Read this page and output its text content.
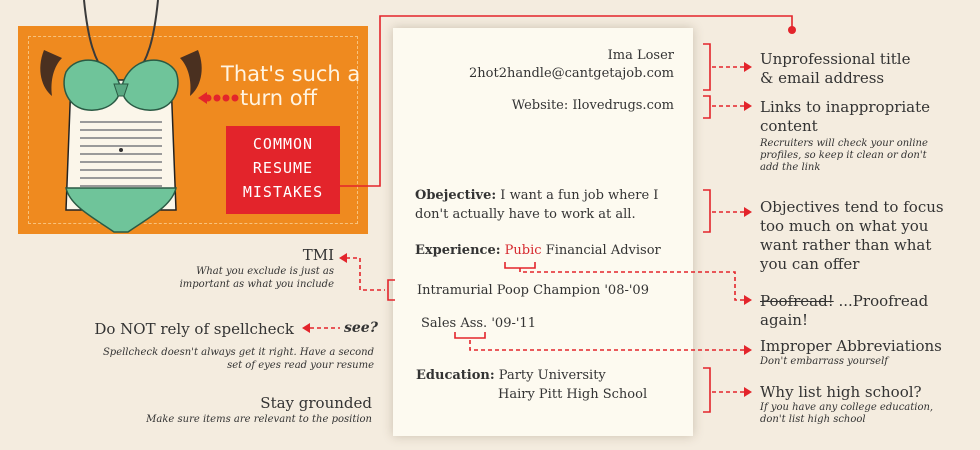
That's such a
turn off
COMMON
RESUME
MISTAKES
Ima Loser
2hot2handle@cantgetajob.com
Website: Ilovedrugs.com
Obejective: I want a fun job where I
don't actually have to work at all.
Experience: Pubic Financial Advisor
Intramurial Poop Champion '08-'09
Sales Ass. '09-'11
Education: Party University
Hairy Pitt High School
Unprofessional title
& email address
Links to inappropriate
content
Recruiters will check your online
profiles, so keep it clean or don't
add the link
Objectives tend to focus
too much on what you
want rather than what
you can offer
Poofread! ...Proofread
again!
Improper Abbreviations
Don't embarrass yourself
Why list high school?
If you have any college education,
don't list high school
TMI
What you exclude is just as
important as what you include
Do NOT rely of spellcheck	see?
Spellcheck doesn't always get it right. Have a second
set of eyes read your resume
Stay grounded
Make sure items are relevant to the position
